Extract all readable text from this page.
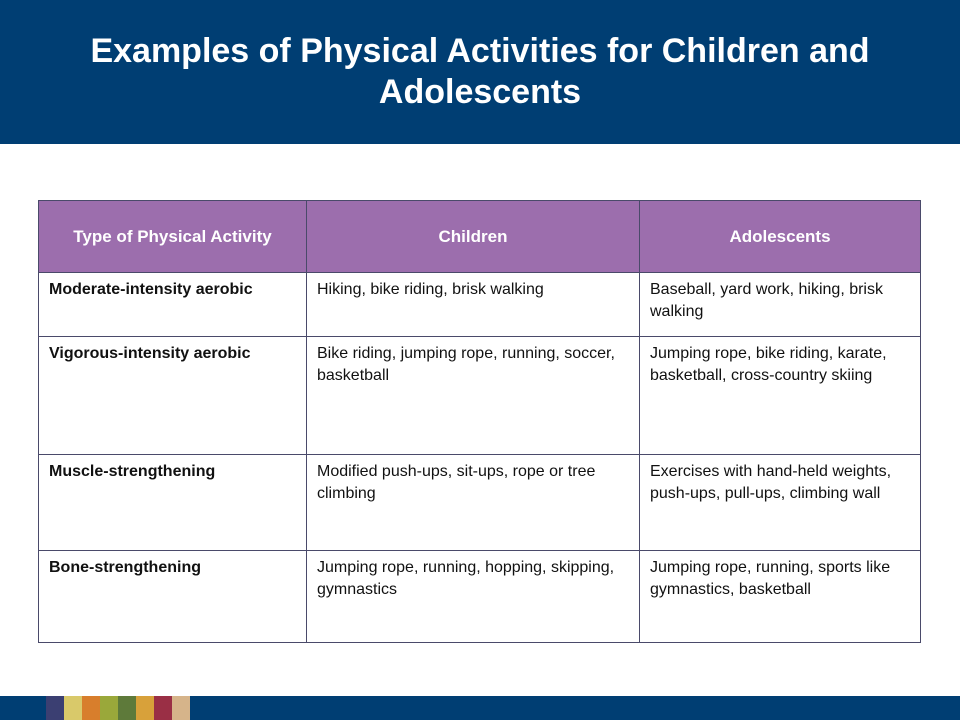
Examples of Physical Activities for Children and Adolescents
Type of Physical Activity	Children	Adolescents
Moderate-intensity aerobic	Hiking, bike riding, brisk walking	Baseball, yard work, hiking, brisk walking
Vigorous-intensity aerobic	Bike riding, jumping rope, running, soccer, basketball	Jumping rope, bike riding, karate, basketball, cross-country skiing
Muscle-strengthening	Modified push-ups, sit-ups, rope or tree climbing	Exercises with hand-held weights, push-ups, pull-ups, climbing wall
Bone-strengthening	Jumping rope, running, hopping, skipping, gymnastics	Jumping rope, running, sports like gymnastics, basketball
